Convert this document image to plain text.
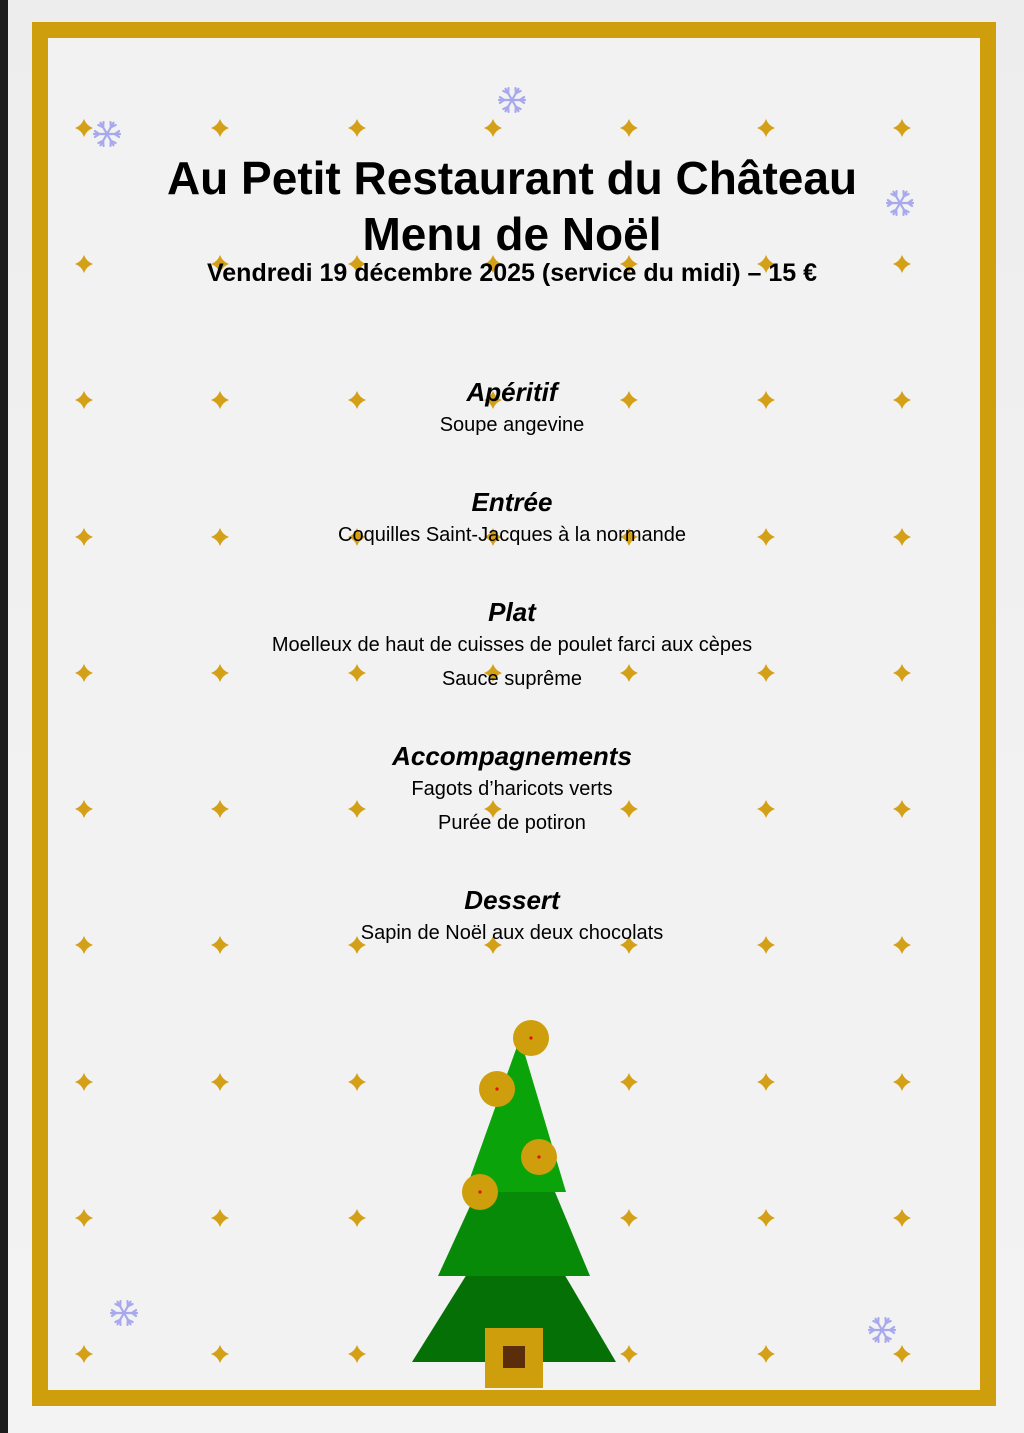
Au Petit Restaurant du Château
Menu de Noël
Vendredi 19 décembre 2025 (service du midi) – 15 €
Apéritif
Soupe angevine
Entrée
Coquilles Saint-Jacques à la normande
Plat
Moelleux de haut de cuisses de poulet farci aux cèpes
Sauce suprême
Accompagnements
Fagots d’haricots verts
Purée de potiron
Dessert
Sapin de Noël aux deux chocolats
